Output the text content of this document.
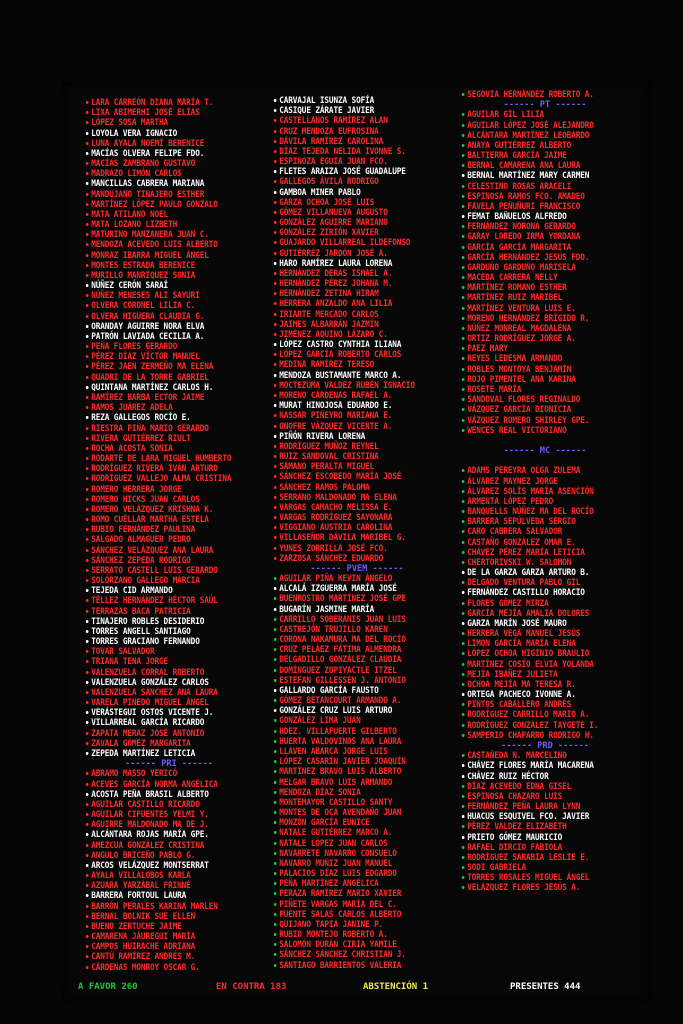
LARA CARREÓN DIANA MARÍA T.
LIXA ABIMERHI JOSÉ ELÍAS
LÓPEZ SOSA MARTHA
LOYOLA VERA IGNACIO
LUNA AYALA NOEMÍ BERENICE
MACÍAS OLVERA FELIPE FDO.
MACÍAS ZAMBRANO GUSTAVO
MADRAZO LIMÓN CARLOS
MANCILLAS CABRERA MARIANA
MANDUJANO TINAJERO ESTHER
MARTÍNEZ LÓPEZ PAULO GONZALO
MATA ATILANO NOEL
MATA LOZANO LIZBETH
MATURINO MANZANERA JUAN C.
MENDOZA ACEVEDO LUIS ALBERTO
MONRAZ IBARRA MIGUEL ÁNGEL
MONTES ESTRADA BERENICE
MURILLO MANRÍQUEZ SONIA
NÚÑEZ CERÓN SARAÍ
NÚÑEZ MENESES ALI SAYURI
OLVERA CORONEL LILIA C.
OLVERA HIGUERA CLAUDIA G.
ORANDAY AGUIRRE NORA ELVA
PATRÓN LAVIADA CECILIA A.
PEÑA FLORES GERARDO
PÉREZ DÍAZ VÍCTOR MANUEL
PÉREZ JAEN ZERMEÑO MA ELENA
QUADRI DE LA TORRE GABRIEL
QUINTANA MARTÍNEZ CARLOS H.
RAMÍREZ BARBA ECTOR JAIME
RAMOS JUÁREZ ADELA
REZA GALLEGOS ROCÍO E.
RIESTRA PIÑA MARIO GERARDO
RIVERA GUTIÉRREZ RIULT
ROCHA ACOSTA SONIA
RODARTE DE LARA MIGUEL HUMBERTO
RODRÍGUEZ RIVERA IVÁN ARTURO
RODRÍGUEZ VALLEJO ALMA CRISTINA
ROMERO HERRERA JORGE
ROMERO HICKS JUAN CARLOS
ROMERO VELÁZQUEZ KRISHNA K.
ROMO CUÉLLAR MARTHA ESTELA
RUBIO FERNÁNDEZ PAULINA
SALGADO ALMAGUER PEDRO
SÁNCHEZ VELÁZQUEZ ANA LAURA
SÁNCHEZ ZEPEDA RODRIGO
SERRATO CASTELL LUIS GERARDO
SOLÓRZANO GALLEGO MARCIA
TEJEDA CID ARMANDO
TÉLLEZ HERNÁNDEZ HÉCTOR SAÚL
TERRAZAS BACA PATRICIA
TINAJERO ROBLES DESIDERIO
TORRES ANGELL SANTIAGO
TORRES GRACIANO FERNANDO
TOVAR SALVADOR
TRIANA TENA JORGE
VALENZUELA CORRAL ROBERTO
VALENZUELA GONZÁLEZ CARLOS
VALENZUELA SÁNCHEZ ANA LAURA
VARELA PINEDO MIGUEL ÁNGEL
VERÁSTEGUI OSTOS VICENTE J.
VILLARREAL GARCÍA RICARDO
ZAPATA MERAZ JOSÉ ANTONIO
ZAVALA GÓMEZ MARGARITA
ZEPEDA MARTÍNEZ LETICIA
------ PRI ------
ABRAMO MASSO YERICÓ
ACEVES GARCÍA NORMA ANGÉLICA
ACOSTA PEÑA BRASIL ALBERTO
AGUILAR CASTILLO RICARDO
AGUILAR CIFUENTES YELMI Y.
AGUIRRE MALDONADO MA DE J.
ALCÁNTARA ROJAS MARÍA GPE.
AMEZCUA GONZÁLEZ CRISTINA
ANGULO BRICEÑO PABLO G.
ARCOS VELÁZQUEZ MONTSERRAT
AYALA VILLALOBOS KARLA
AZUARA YARZÁBAL FRINNÉ
BARRERA FORTOUL LAURA
BARRÓN PERALES KARINA MARLEN
BERNAL BOLNIK SUE ELLEN
BUENO ZERTUCHE JAIME
CAMARENA JÁUREGUI MARÍA
CAMPOS HUIRACHE ADRIANA
CANTÚ RAMÍREZ ANDRÉS M.
CÁRDENAS MONROY OSCAR G.
CARVAJAL ISUNZA SOFÍA
CASIQUE ZÁRATE JAVIER
CASTELLANOS RAMÍREZ ALAN
CRUZ MENDOZA EUFROSINA
DÁVILA RAMÍREZ CAROLINA
DÍAZ TEJEDA NELIDA IVONNE S.
ESPINOZA EGUIA JUAN FCO.
FLETES ARAIZA JOSÉ GUADALUPE
GALLEGOS ÁVILA RODRIGO
GAMBOA MINER PABLO
GARZA OCHOA JOSÉ LUIS
GÓMEZ VILLANUEVA AUGUSTO
GONZÁLEZ AGUIRRE MARIANO
GONZÁLEZ ZIRIÓN XAVIER
GUAJARDO VILLARREAL ILDEFONSO
GUTIÉRREZ JARDÓN JOSÉ A.
HARO RAMÍREZ LAURA LORENA
HERNÁNDEZ DERAS ISMAEL A.
HERNÁNDEZ PÉREZ JOHANA M.
HERNÁNDEZ ZETINA HIRAM
HERRERA ANZALDO ANA LILIA
IRIARTE MERCADO CARLOS
JAIMES ALBARRÁN JAZMÍN
JIMÉNEZ AQUINO LÁZARO C.
LÓPEZ CASTRO CYNTHIA ILIANA
LÓPEZ GARCÍA ROBERTO CARLOS
MEDINA RAMÍREZ TERESO
MENDOZA BUSTAMANTE MARCO A.
MOCTEZUMA VALDEZ RUBÉN IGNACIO
MORENO CÁRDENAS RAFAEL A.
MURAT HINOJOSA EDUARDO E.
NASSAR PIÑEYRO MARIANA E.
ONOFRE VÁZQUEZ VICENTE A.
PIÑÓN RIVERA LORENA
RODRÍGUEZ MUÑOZ REYNEL
RUIZ SANDOVAL CRISTINA
SÁMANO PERALTA MIGUEL
SÁNCHEZ ESCOBEDO MARÍA JOSÉ
SÁNCHEZ RAMOS PALOMA
SERRANO MALDONADO MA ELENA
VARGAS CAMACHO MELISSA E.
VARGAS RODRÍGUEZ SAYONARA
VIGGIANO AUSTRIA CAROLINA
VILLASEÑOR DÁVILA MARIBEL G.
YUNES ZORRILLA JOSÉ FCO.
ZARZOSA SÁNCHEZ EDUARDO
------ PVEM ------
AGUILAR PIÑA KEVIN ÁNGELO
ALCALÁ IZGUERRA MARÍA JOSÉ
BUENROSTRO MARTÍNEZ JOSÉ GPE
BUGARÍN JASMINE MARÍA
CARRILLO SOBERANIS JUAN LUIS
CASTREJÓN TRUJILLO KAREN
CORONA NAKAMURA MA DEL ROCÍO
CRUZ PELÁEZ FÁTIMA ALMENDRA
DELGADILLO GONZÁLEZ CLAUDIA
DOMÍNGUEZ ZOPIYACTLE ITZEL
ESTEFAN GILLESSEN J. ANTONIO
GALLARDO GARCÍA FAUSTO
GÓMEZ BETANCOURT ARMANDO A.
GONZÁLEZ CRUZ LUIS ARTURO
GONZÁLEZ LIMA JUAN
HDEZ. VILLAFUERTE GILBERTO
HUERTA VALDOVINOS ANA LAURA
LLAVEN ABARCA JORGE LUIS
LÓPEZ CASARÍN JAVIER JOAQUÍN
MARTÍNEZ BRAVO LUIS ALBERTO
MELGAR BRAVO LUIS ARMANDO
MENDOZA DÍAZ SONIA
MONTEMAYOR CASTILLO SANTY
MONTES DE OCA AVENDAÑO JUAN
MONZÓN GARCÍA EUNICE
NATALE GUTIÉRREZ MARCO A.
NATALE LÓPEZ JUAN CARLOS
NAVARRETE NAVARRO CONSUELO
NAVARRO MUÑIZ JUAN MANUEL
PALACIOS DÍAZ LUIS EDGARDO
PEÑA MARTÍNEZ ANGÉLICA
PERAZA RAMÍREZ MARIO XAVIER
PIÑETE VARGAS MARÍA DEL C.
PUENTE SALAS CARLOS ALBERTO
QUIJANO TAPIA JANINE P.
RUBIO MONTEJO ROBERTO A.
SALOMÓN DURÁN CIRIA YAMILE
SÁNCHEZ SÁNCHEZ CHRISTIAN J.
SANTIAGO BARRIENTOS VALERIA
SEGOVIA HERNÁNDEZ ROBERTO A.
------ PT ------
AGUILAR GIL LILIA
AGUILAR LÓPEZ JOSÉ ALEJANDRO
ALCÁNTARA MARTÍNEZ LEOBARDO
ANAYA GUTIÉRREZ ALBERTO
BALTIERRA GARCÍA JAIME
BERNAL CAMARENA ANA LAURA
BERNAL MARTÍNEZ MARY CARMEN
CELESTINO ROSAS ARACELI
ESPINOSA RAMOS FCO. AMADEO
FAVELA PEÑUÑURI FRANCISCO
FEMAT BAÑUELOS ALFREDO
FERNÁNDEZ NORONA GERARDO
GARAY LOREDO IRMA YORDANA
GARCÍA GARCÍA MARGARITA
GARCÍA HERNÁNDEZ JESÚS FDO.
GARDUÑO GARDUÑO MARISELA
MACEDA CARRERA NELLY
MARTÍNEZ ROMANO ESTHER
MARTÍNEZ RUIZ MARIBEL
MARTÍNEZ VENTURA LUIS E.
MORENO HERNÁNDEZ BRÍGIDO R.
NÚÑEZ MONREAL MAGDALENA
ORTIZ RODRÍGUEZ JORGE A.
PAEZ MARY
REYES LEDESMA ARMANDO
ROBLES MONTOYA BENJAMÍN
ROJO PIMENTEL ANA KARINA
ROSETE MARÍA
SANDOVAL FLORES REGINALDO
VÁZQUEZ GARCÍA DIONICIA
VÁZQUEZ ROMERO SHIRLEY GPE.
WENCES REAL VICTORIANO
------ MC ------
ADAMS PEREYRA OLGA ZULEMA
ÁLVAREZ MAYNEZ JORGE
ÁLVAREZ SOLÍS MARÍA ASENCIÓN
ARMENTA LÓPEZ PEDRO
BANQUELLS NÚÑEZ MA DEL ROCÍO
BARRERA SEPÚLVEDA SERGIO
CARO CABRERA SALVADOR
CASTAÑO GONZÁLEZ OMAR E.
CHÁVEZ PÉREZ MARÍA LETICIA
CHERTORIVSKI W. SALOMÓN
DE LA GARZA GARZA ARTURO B.
DELGADO VENTURA PABLO GIL
FERNÁNDEZ CASTILLO HORACIO
FLORES GÓMEZ MIRZA
GARCÍA MEJÍA AMALIA DOLORES
GARZA MARÍN JOSÉ MAURO
HERRERA VEGA MANUEL JESÚS
LIMÓN GARCÍA MARÍA ELENA
LÓPEZ OCHOA HIGINIO BRAULIO
MARTÍNEZ COSÍO ELVIA YOLANDA
MEJÍA IBÁÑEZ JULIETA
OCHOA MEJÍA MA TERESA R.
ORTEGA PACHECO IVONNE A.
PINTOS CABALLERO ANDRÉS
RODRÍGUEZ CARRILLO MARIO A.
RODRÍGUEZ GONZÁLEZ TAYGETE I.
SAMPERIO CHAPARRO RODRIGO H.
------ PRD ------
CASTAÑEDA N. MARCELINO
CHÁVEZ FLORES MARÍA MACARENA
CHÁVEZ RUIZ HÉCTOR
DÍAZ ACEVEDO EDNA GISEL
ESPINOSA CHAZARO LUIS
FERNÁNDEZ PEÑA LAURA LYNN
HUACUS ESQUIVEL FCO. JAVIER
PÉREZ VALDEZ ELIZABETH
PRIETO GÓMEZ MAURICIO
RAFAEL DIRCIO FABIOLA
RODRÍGUEZ SARABIA LESLIE E.
SODI GABRIELA
TORRES ROSALES MIGUEL ÁNGEL
VELÁZQUEZ FLORES JESÚS A.
A FAVOR 260	EN CONTRA 183	ABSTENCIÓN 1	PRESENTES 444
